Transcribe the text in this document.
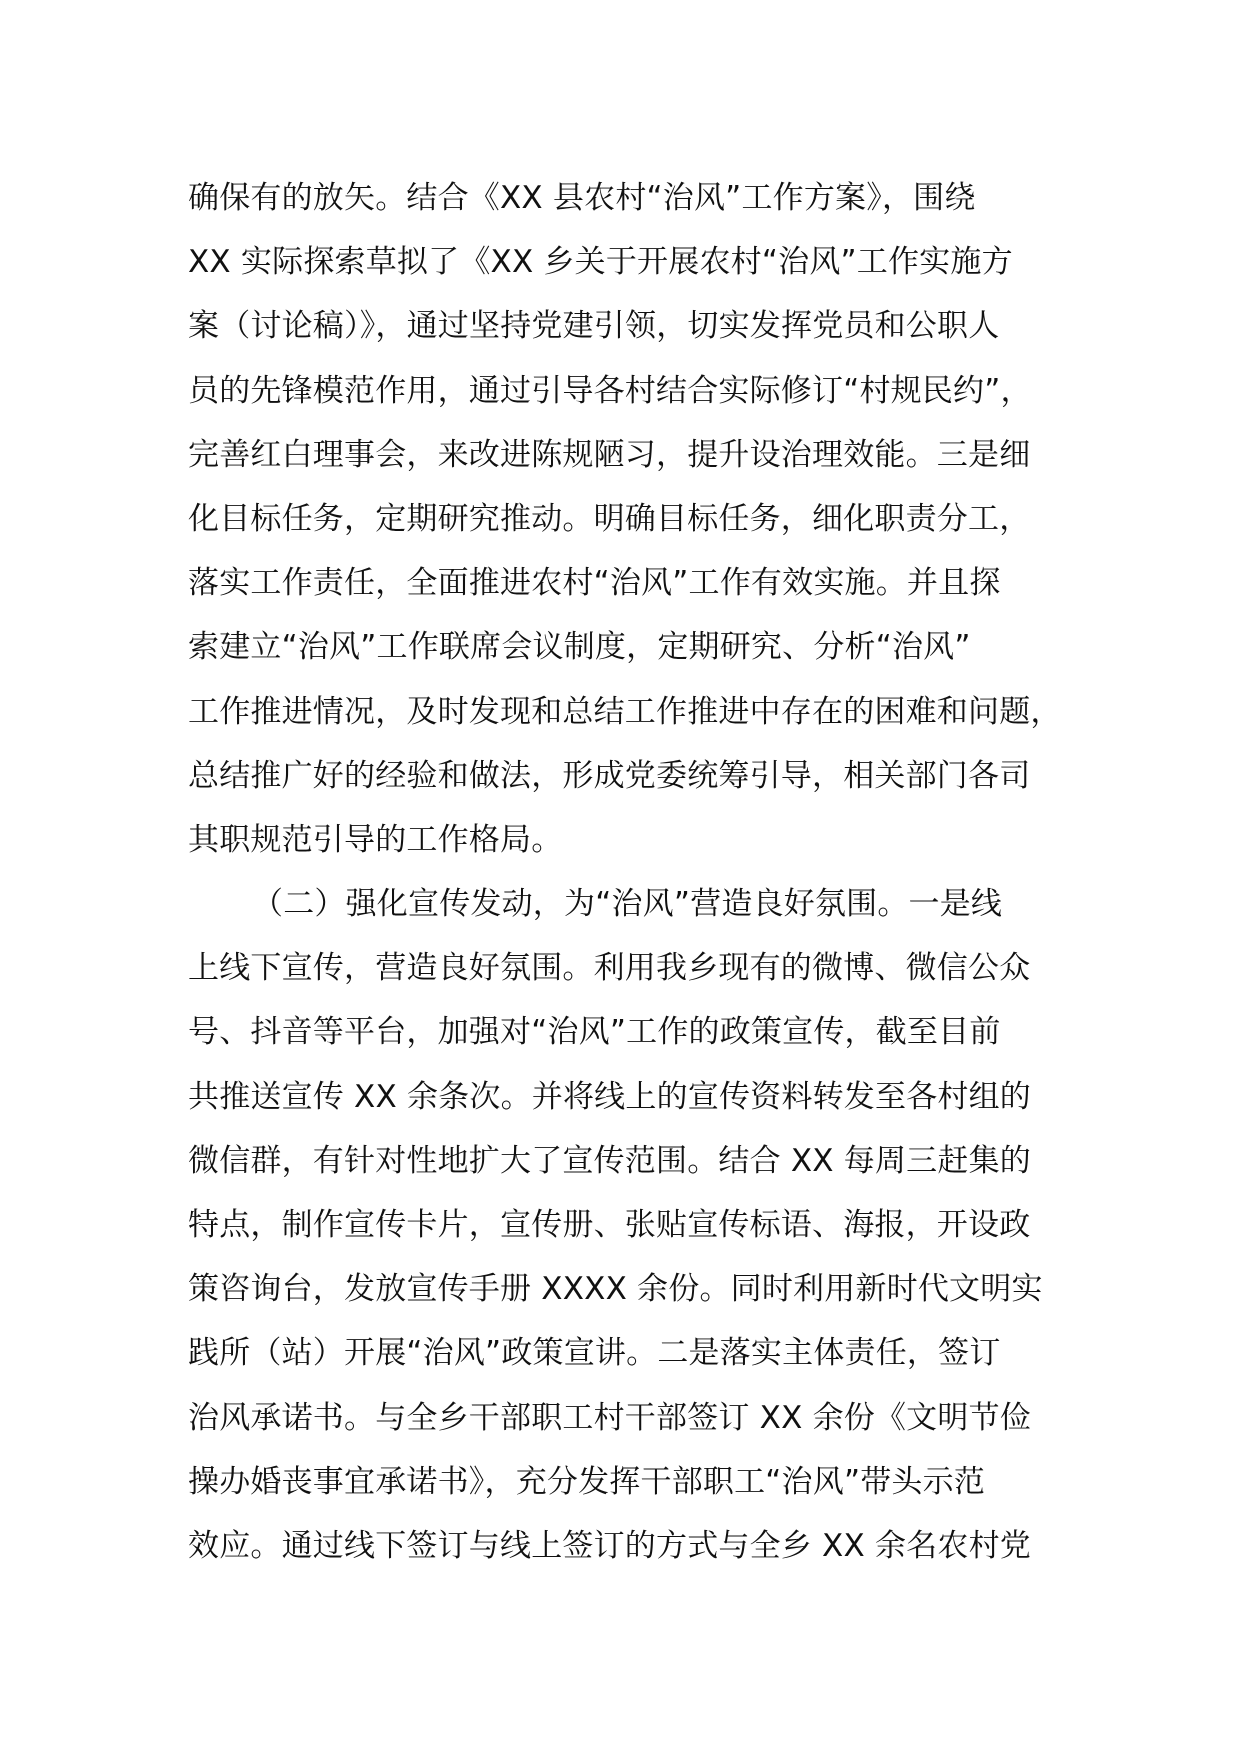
确保有的放矢。结合《XX 县农村“治风”工作方案》，围绕
XX 实际探索草拟了《XX 乡关于开展农村“治风”工作实施方
案（讨论稿）》，通过坚持党建引领，切实发挥党员和公职人
员的先锋模范作用，通过引导各村结合实际修订“村规民约”，
完善红白理事会，来改进陈规陋习，提升设治理效能。三是细
化目标任务，定期研究推动。明确目标任务，细化职责分工，
落实工作责任，全面推进农村“治风”工作有效实施。并且探
索建立“治风”工作联席会议制度，定期研究、分析“治风”
工作推进情况，及时发现和总结工作推进中存在的困难和问题，
总结推广好的经验和做法，形成党委统筹引导，相关部门各司
其职规范引导的工作格局。
（二）强化宣传发动，为“治风”营造良好氛围。一是线
上线下宣传，营造良好氛围。利用我乡现有的微博、微信公众
号、抖音等平台，加强对“治风”工作的政策宣传，截至目前
共推送宣传 XX 余条次。并将线上的宣传资料转发至各村组的
微信群，有针对性地扩大了宣传范围。结合 XX 每周三赶集的
特点，制作宣传卡片，宣传册、张贴宣传标语、海报，开设政
策咨询台，发放宣传手册 XXXX 余份。同时利用新时代文明实
践所（站）开展“治风”政策宣讲。二是落实主体责任，签订
治风承诺书。与全乡干部职工村干部签订 XX 余份《文明节俭
操办婚丧事宜承诺书》，充分发挥干部职工“治风”带头示范
效应。通过线下签订与线上签订的方式与全乡 XX 余名农村党
